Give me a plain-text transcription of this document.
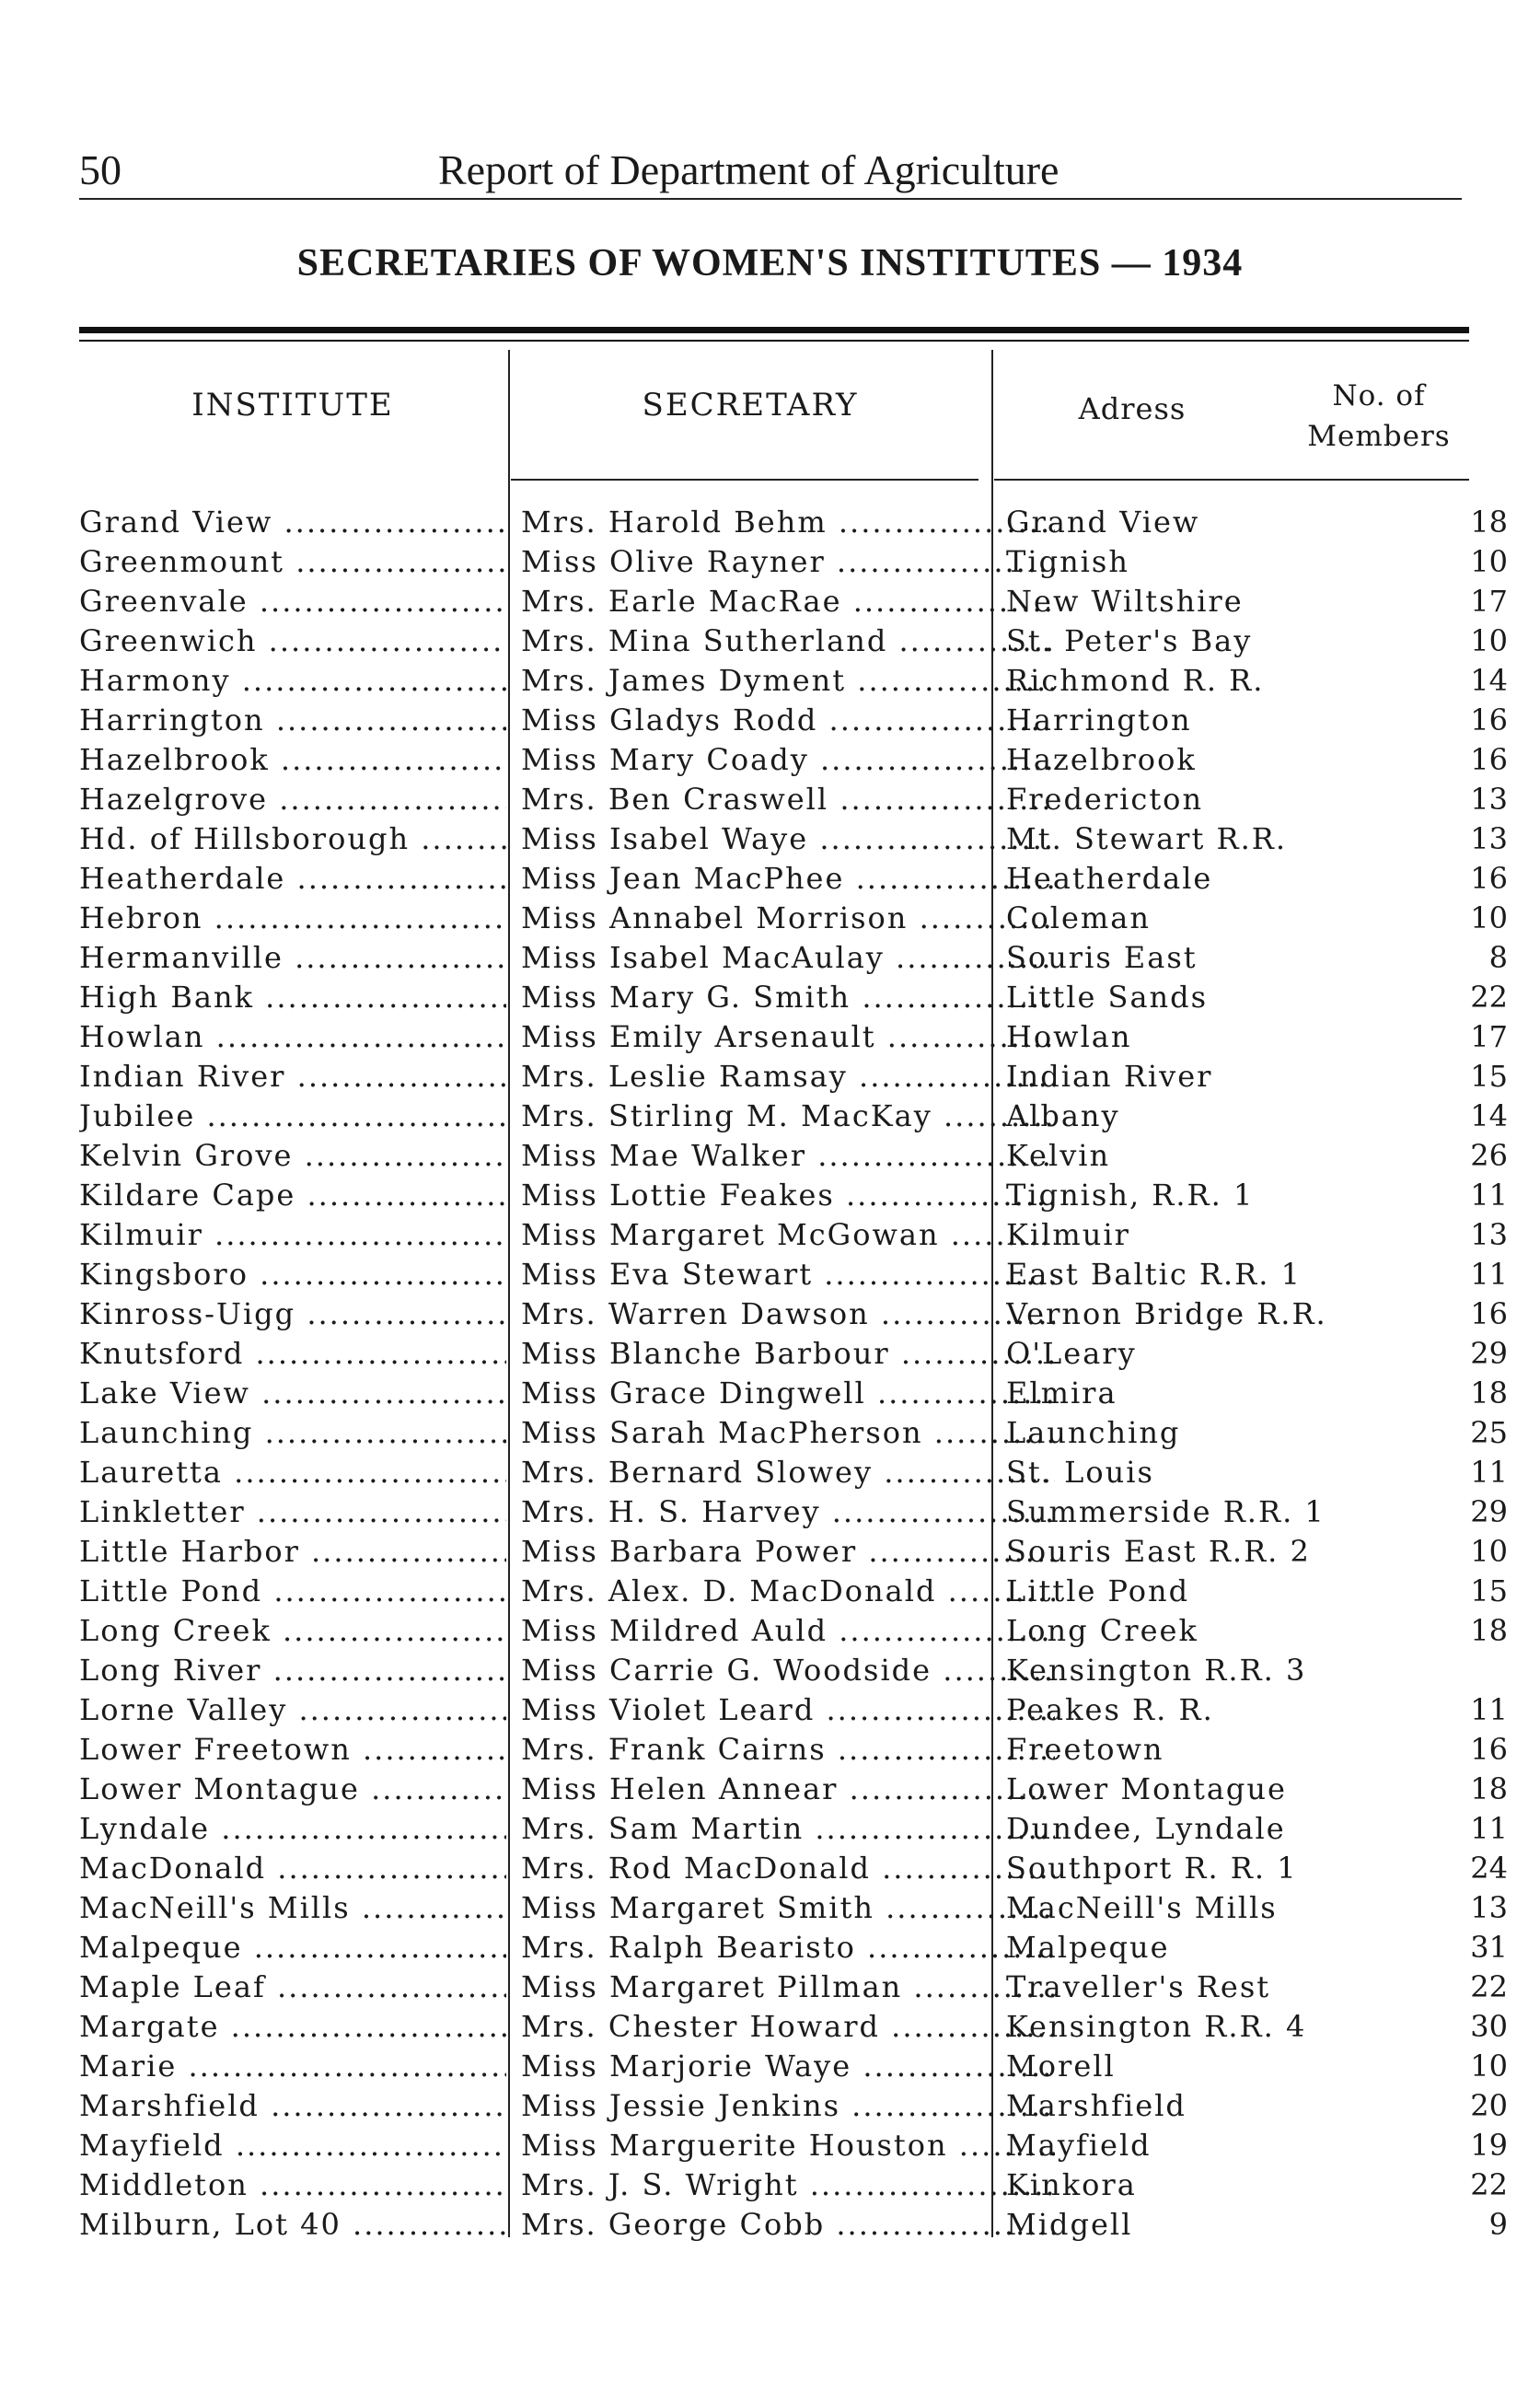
50	Report of Department of Agriculture
SECRETARIES OF WOMEN'S INSTITUTES — 1934
INSTITUTE	SECRETARY	Adress	No. of
Members
Grand View .....	Mrs. Harold Behm .....	Grand View	18
Greenmount .....	Miss Olive Rayner .....	Tignish	10
Greenvale .....	Mrs. Earle MacRae .....	New Wiltshire	17
Greenwich .....	Mrs. Mina Sutherland .....	St. Peter's Bay	10
Harmony .....	Mrs. James Dyment .....	Richmond R. R.	14
Harrington .....	Miss Gladys Rodd .....	Harrington	16
Hazelbrook .....	Miss Mary Coady .....	Hazelbrook	16
Hazelgrove .....	Mrs. Ben Craswell .....	Fredericton	13
Hd. of Hillsborough .....	Miss Isabel Waye .....	Mt. Stewart R.R.	13
Heatherdale .....	Miss Jean MacPhee .....	Heatherdale	16
Hebron .....	Miss Annabel Morrison .....	Coleman	10
Hermanville .....	Miss Isabel MacAulay .....	Souris East	8
High Bank .....	Miss Mary G. Smith .....	Little Sands	22
Howlan .....	Miss Emily Arsenault .....	Howlan	17
Indian River .....	Mrs. Leslie Ramsay .....	Indian River	15
Jubilee .....	Mrs. Stirling M. MacKay .....	Albany	14
Kelvin Grove .....	Miss Mae Walker .....	Kelvin	26
Kildare Cape .....	Miss Lottie Feakes .....	Tignish, R.R. 1	11
Kilmuir .....	Miss Margaret McGowan .....	Kilmuir	13
Kingsboro .....	Miss Eva Stewart .....	East Baltic R.R. 1	11
Kinross-Uigg .....	Mrs. Warren Dawson .....	Vernon Bridge R.R.	16
Knutsford .....	Miss Blanche Barbour .....	O'Leary	29
Lake View .....	Miss Grace Dingwell .....	Elmira	18
Launching .....	Miss Sarah MacPherson .....	Launching	25
Lauretta .....	Mrs. Bernard Slowey .....	St. Louis	11
Linkletter .....	Mrs. H. S. Harvey .....	Summerside R.R. 1	29
Little Harbor .....	Miss Barbara Power .....	Souris East R.R. 2	10
Little Pond .....	Mrs. Alex. D. MacDonald .....	Little Pond	15
Long Creek .....	Miss Mildred Auld .....	Long Creek	18
Long River .....	Miss Carrie G. Woodside .....	Kensington R.R. 3
Lorne Valley .....	Miss Violet Leard .....	Peakes R. R.	11
Lower Freetown .....	Mrs. Frank Cairns .....	Freetown	16
Lower Montague .....	Miss Helen Annear .....	Lower Montague	18
Lyndale .....	Mrs. Sam Martin .....	Dundee, Lyndale	11
MacDonald .....	Mrs. Rod MacDonald .....	Southport R. R. 1	24
MacNeill's Mills .....	Miss Margaret Smith .....	MacNeill's Mills	13
Malpeque .....	Mrs. Ralph Bearisto .....	Malpeque	31
Maple Leaf .....	Miss Margaret Pillman .....	Traveller's Rest	22
Margate .....	Mrs. Chester Howard .....	Kensington R.R. 4	30
Marie .....	Miss Marjorie Waye .....	Morell	10
Marshfield .....	Miss Jessie Jenkins .....	Marshfield	20
Mayfield .....	Miss Marguerite Houston .....	Mayfield	19
Middleton .....	Mrs. J. S. Wright .....	Kinkora	22
Milburn, Lot 40 .....	Mrs. George Cobb .....	Midgell	9
